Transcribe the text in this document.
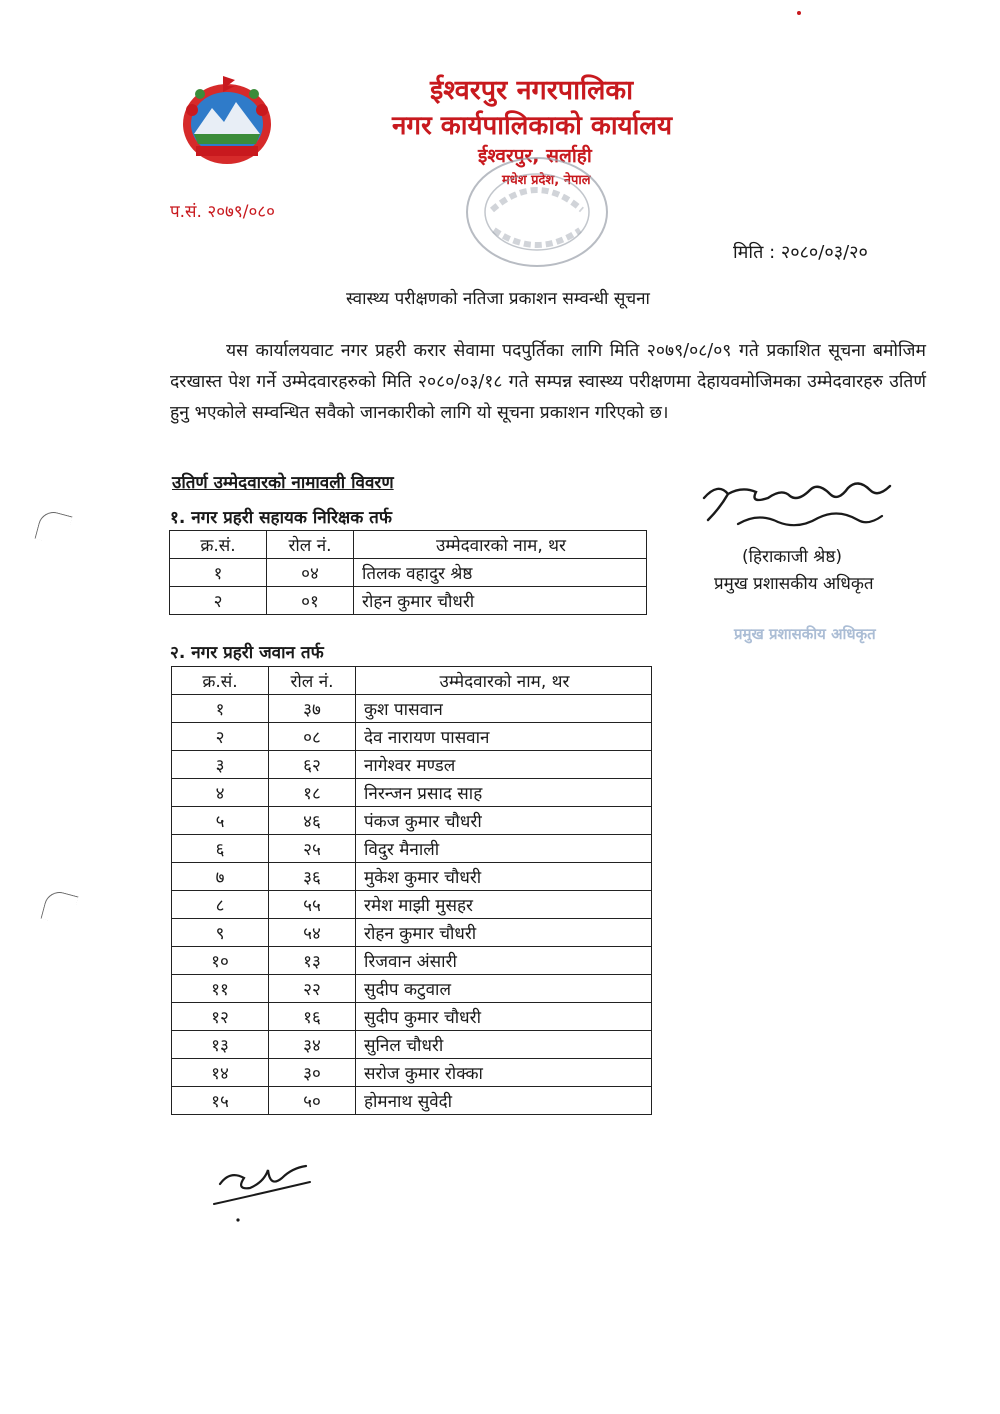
ईश्वरपुर नगरपालिका
नगर कार्यपालिकाको कार्यालय
ईश्वरपुर, सर्लाही
मधेश प्रदेश, नेपाल
प.सं. २०७९/०८०
मिति : २०८०/०३/२०
स्वास्थ्य परीक्षणको नतिजा प्रकाशन सम्वन्धी सूचना
यस कार्यालयवाट नगर प्रहरी करार सेवामा पदपुर्तिका लागि मिति २०७९/०८/०९ गते प्रकाशित सूचना बमोजिम दरखास्त पेश गर्ने उम्मेदवारहरुको मिति २०८०/०३/१८ गते सम्पन्न स्वास्थ्य परीक्षणमा देहायवमोजिमका उम्मेदवारहरु उतिर्ण हुनु भएकोले सम्वन्धित सवैको जानकारीको लागि यो सूचना प्रकाशन गरिएको छ।
उतिर्ण उम्मेदवारको नामावली विवरण
१. नगर प्रहरी सहायक निरिक्षक तर्फ
क्र.सं.	रोल नं.	उम्मेदवारको नाम, थर
१	०४	तिलक वहादुर श्रेष्ठ
२	०१	रोहन कुमार चौधरी
२. नगर प्रहरी जवान तर्फ
क्र.सं.	रोल नं.	उम्मेदवारको नाम, थर
१	३७	कुश पासवान
२	०८	देव नारायण पासवान
३	६२	नागेश्वर मण्डल
४	१८	निरन्जन प्रसाद साह
५	४६	पंकज कुमार चौधरी
६	२५	विदुर मैनाली
७	३६	मुकेश कुमार चौधरी
८	५५	रमेश माझी मुसहर
९	५४	रोहन कुमार चौधरी
१०	१३	रिजवान अंसारी
११	२२	सुदीप कटुवाल
१२	१६	सुदीप कुमार चौधरी
१३	३४	सुनिल चौधरी
१४	३०	सरोज कुमार रोक्का
१५	५०	होमनाथ सुवेदी
(हिराकाजी श्रेष्ठ)
प्रमुख प्रशासकीय अधिकृत
प्रमुख प्रशासकीय अधिकृत
